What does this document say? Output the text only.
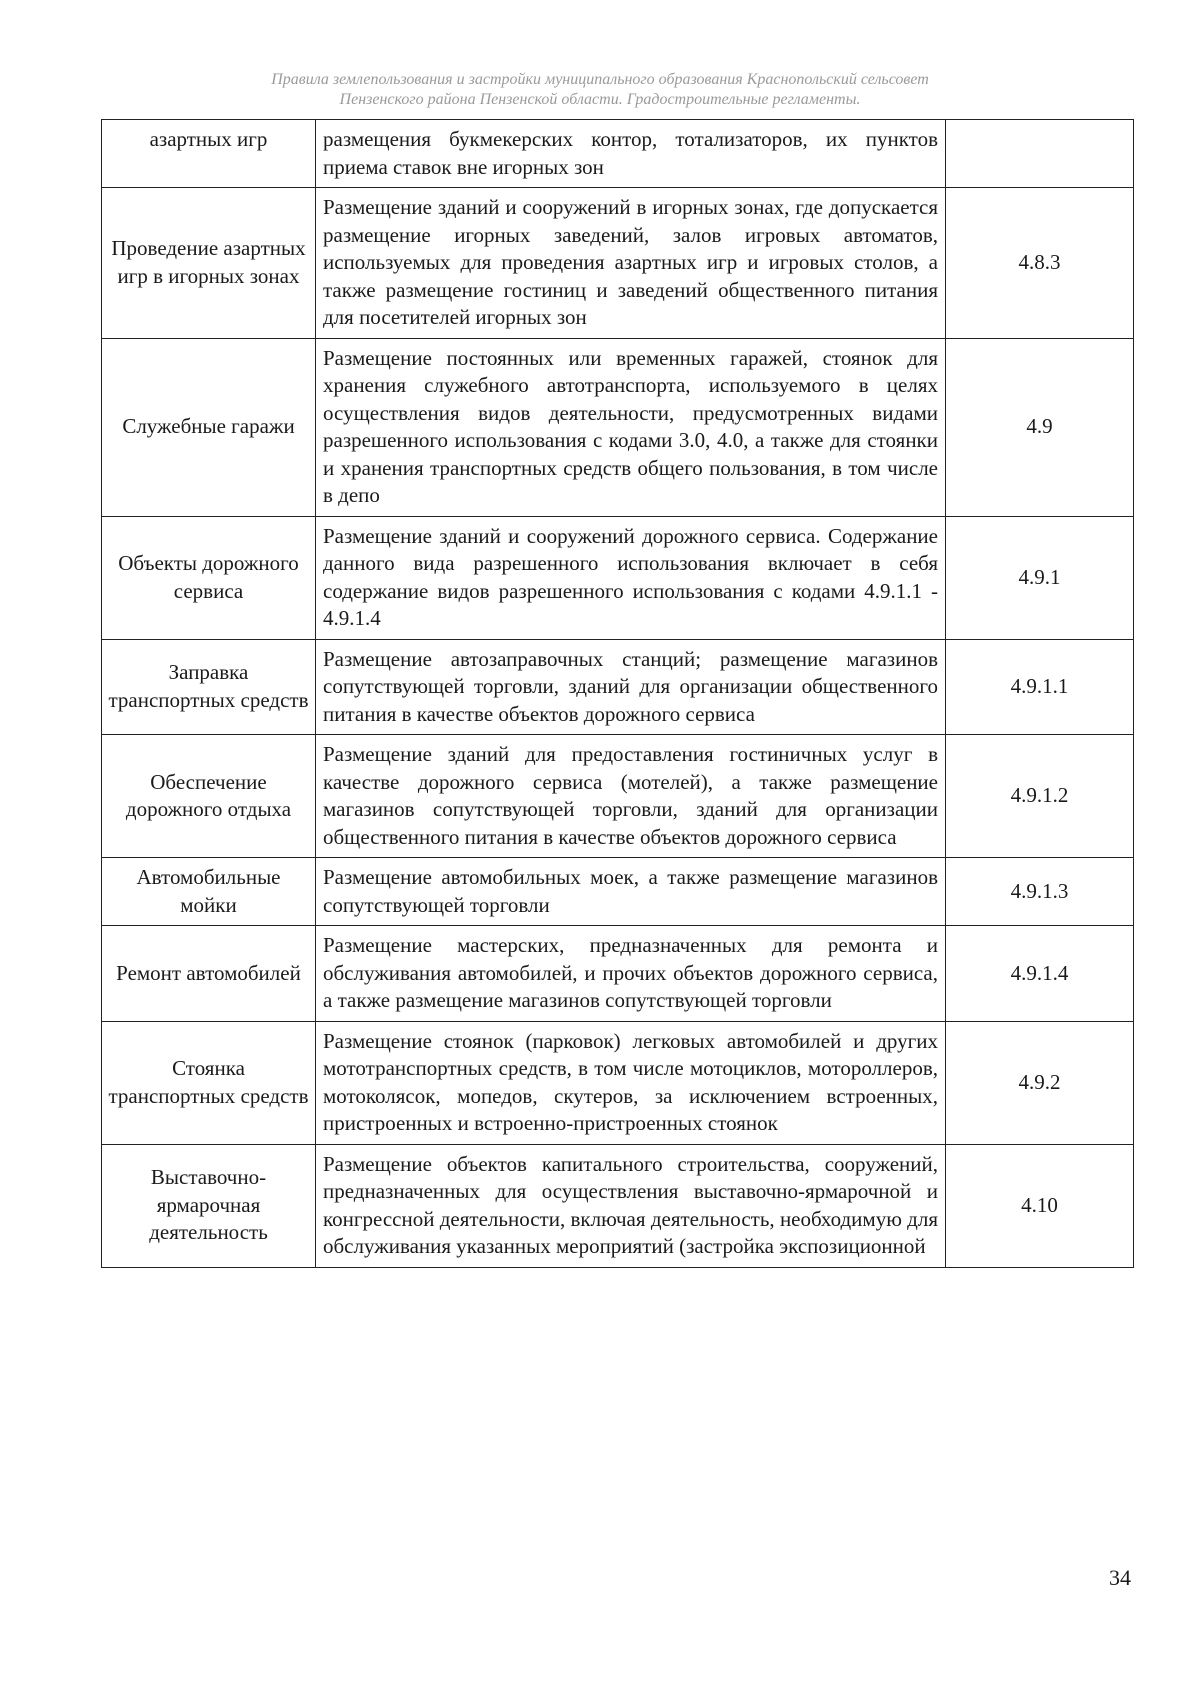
Правила землепользования и застройки муниципального образования Краснопольский сельсовет
Пензенского района Пензенской области. Градостроительные регламенты.
азартных игр	размещения букмекерских контор, тотализаторов, их пунктов приема ставок вне игорных зон	
Проведение азартных игр в игорных зонах	Размещение зданий и сооружений в игорных зонах, где допускается размещение игорных заведений, залов игровых автоматов, используемых для проведения азартных игр и игровых столов, а также размещение гостиниц и заведений общественного питания для посетителей игорных зон	4.8.3
Служебные гаражи	Размещение постоянных или временных гаражей, стоянок для хранения служебного автотранспорта, используемого в целях осуществления видов деятельности, предусмотренных видами разрешенного использования с кодами 3.0, 4.0, а также для стоянки и хранения транспортных средств общего пользования, в том числе в депо	4.9
Объекты дорожного сервиса	Размещение зданий и сооружений дорожного сервиса. Содержание данного вида разрешенного использования включает в себя содержание видов разрешенного использования с кодами 4.9.1.1 - 4.9.1.4	4.9.1
Заправка транспортных средств	Размещение автозаправочных станций; размещение магазинов сопутствующей торговли, зданий для организации общественного питания в качестве объектов дорожного сервиса	4.9.1.1
Обеспечение дорожного отдыха	Размещение зданий для предоставления гостиничных услуг в качестве дорожного сервиса (мотелей), а также размещение магазинов сопутствующей торговли, зданий для организации общественного питания в качестве объектов дорожного сервиса	4.9.1.2
Автомобильные мойки	Размещение автомобильных моек, а также размещение магазинов сопутствующей торговли	4.9.1.3
Ремонт автомобилей	Размещение мастерских, предназначенных для ремонта и обслуживания автомобилей, и прочих объектов дорожного сервиса, а также размещение магазинов сопутствующей торговли	4.9.1.4
Стоянка транспортных средств	Размещение стоянок (парковок) легковых автомобилей и других мототранспортных средств, в том числе мотоциклов, мотороллеров, мотоколясок, мопедов, скутеров, за исключением встроенных, пристроенных и встроенно-пристроенных стоянок	4.9.2
Выставочно-ярмарочная деятельность	Размещение объектов капитального строительства, сооружений, предназначенных для осуществления выставочно-ярмарочной и конгрессной деятельности, включая деятельность, необходимую для обслуживания указанных мероприятий (застройка экспозиционной	4.10
34
